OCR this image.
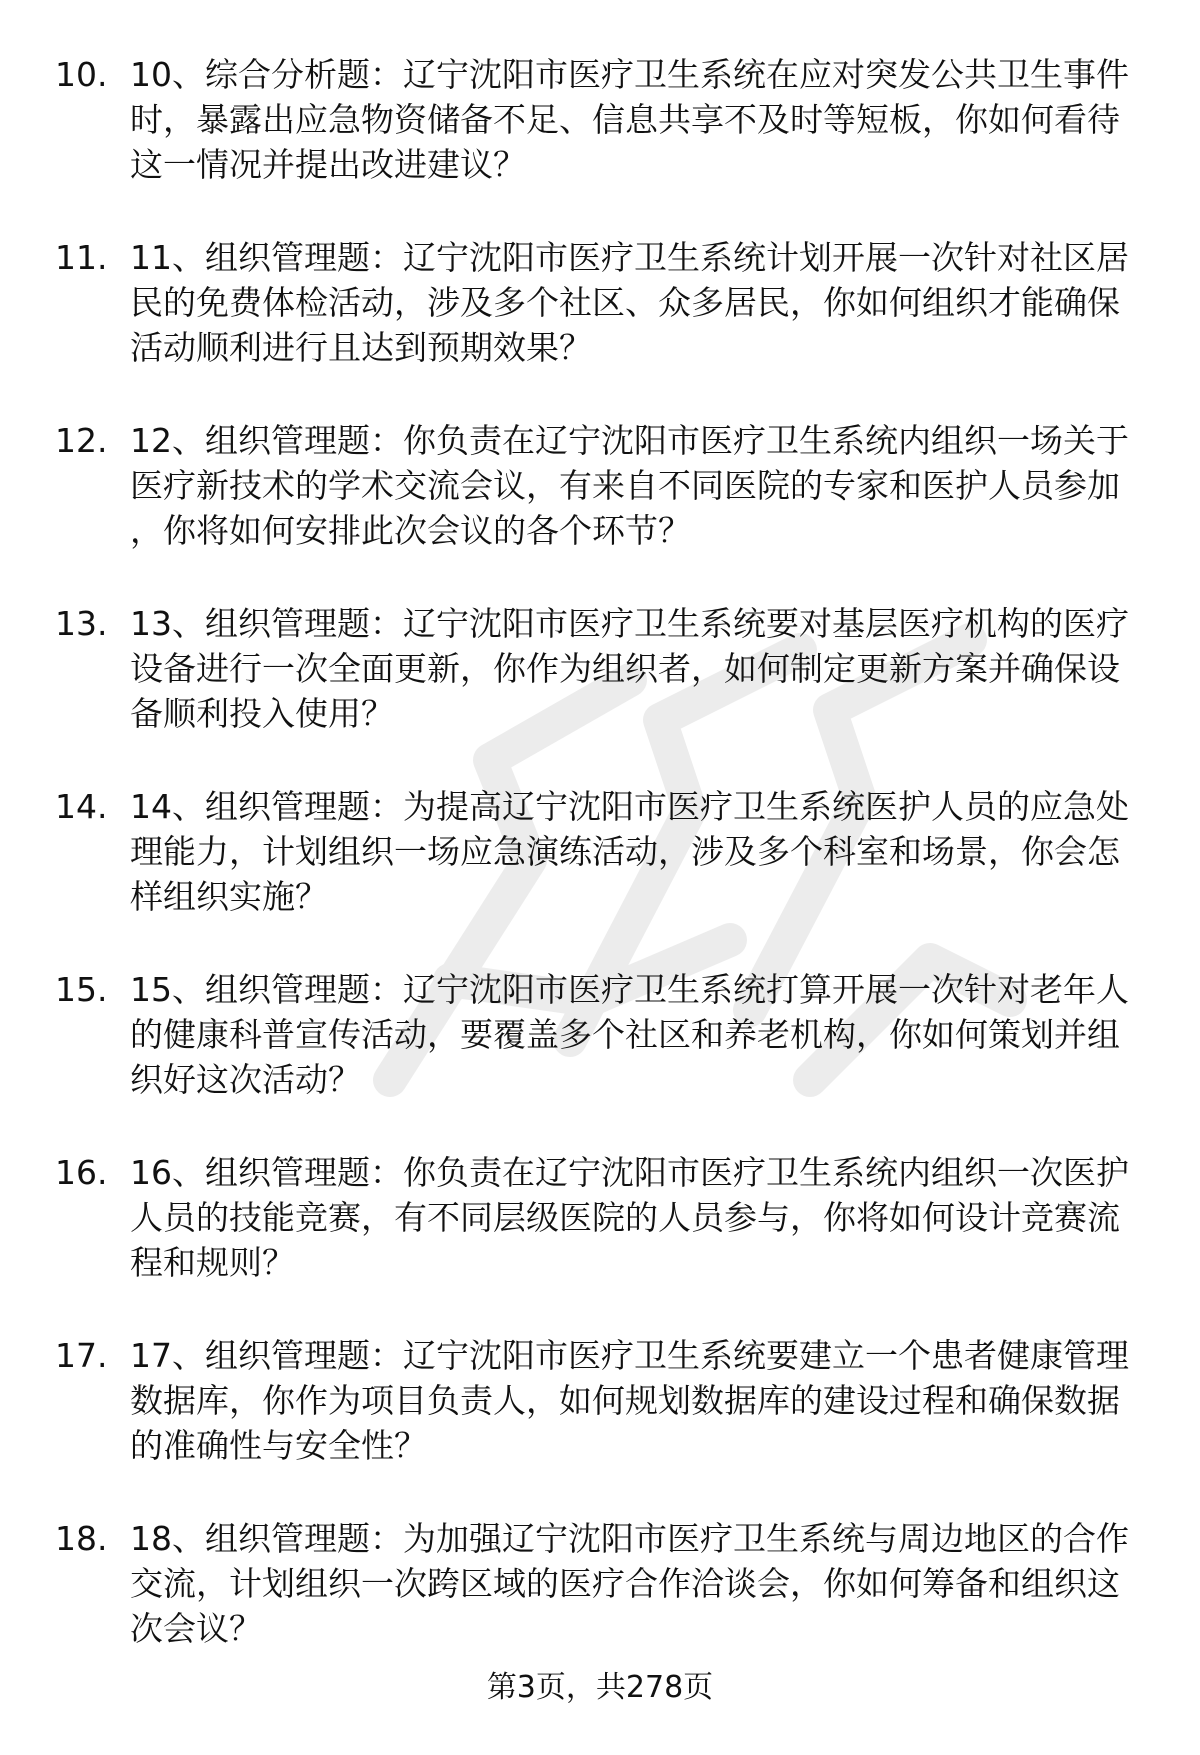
10. 10、综合分析题：辽宁沈阳市医疗卫生系统在应对突发公共卫生事件时，暴露出应急物资储备不足、信息共享不及时等短板，你如何看待这一情况并提出改进建议？
11. 11、组织管理题：辽宁沈阳市医疗卫生系统计划开展一次针对社区居民的免费体检活动，涉及多个社区、众多居民，你如何组织才能确保活动顺利进行且达到预期效果？
12. 12、组织管理题：你负责在辽宁沈阳市医疗卫生系统内组织一场关于医疗新技术的学术交流会议，有来自不同医院的专家和医护人员参加，你将如何安排此次会议的各个环节？
13. 13、组织管理题：辽宁沈阳市医疗卫生系统要对基层医疗机构的医疗设备进行一次全面更新，你作为组织者，如何制定更新方案并确保设备顺利投入使用？
14. 14、组织管理题：为提高辽宁沈阳市医疗卫生系统医护人员的应急处理能力，计划组织一场应急演练活动，涉及多个科室和场景，你会怎样组织实施？
15. 15、组织管理题：辽宁沈阳市医疗卫生系统打算开展一次针对老年人的健康科普宣传活动，要覆盖多个社区和养老机构，你如何策划并组织好这次活动？
16. 16、组织管理题：你负责在辽宁沈阳市医疗卫生系统内组织一次医护人员的技能竞赛，有不同层级医院的人员参与，你将如何设计竞赛流程和规则？
17. 17、组织管理题：辽宁沈阳市医疗卫生系统要建立一个患者健康管理数据库，你作为项目负责人，如何规划数据库的建设过程和确保数据的准确性与安全性？
18. 18、组织管理题：为加强辽宁沈阳市医疗卫生系统与周边地区的合作交流，计划组织一次跨区域的医疗合作洽谈会，你如何筹备和组织这次会议？
第3页，共278页
